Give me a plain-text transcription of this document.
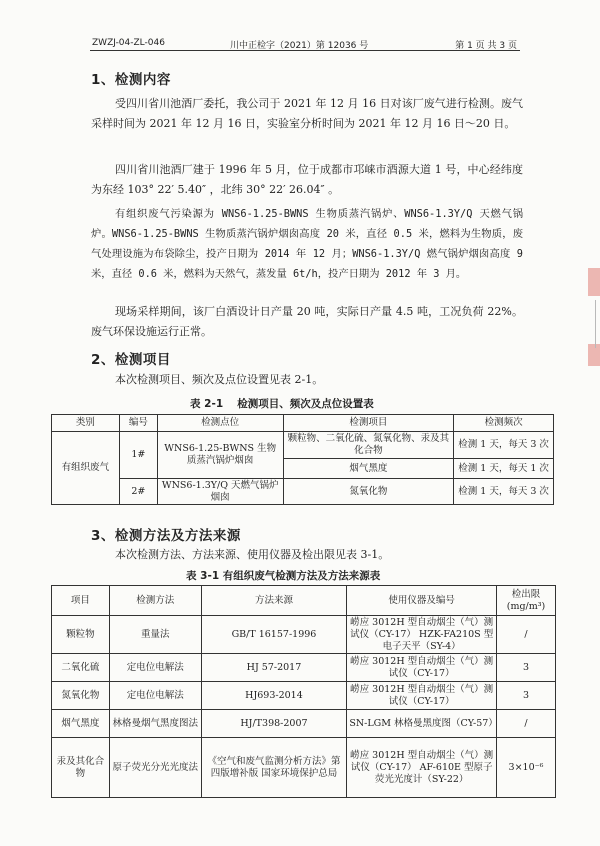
ZWZJ-04-ZL-046	川中正检字（2021）第 12036 号	第 1 页 共 3 页
1、检测内容
受四川省川池酒厂委托，我公司于 2021 年 12 月 16 日对该厂废气进行检测。废气采样时间为 2021 年 12 月 16 日，实验室分析时间为 2021 年 12 月 16 日～20 日。
四川省川池酒厂建于 1996 年 5 月，位于成都市邛崃市酒源大道 1 号，中心经纬度为东经 103° 22′ 5.40″ ，北纬 30° 22′ 26.04″ 。
有组织废气污染源为 WNS6-1.25-BWNS 生物质蒸汽锅炉、WNS6-1.3Y/Q 天燃气锅炉。WNS6-1.25-BWNS 生物质蒸汽锅炉烟囱高度 20 米，直径 0.5 米，燃料为生物质，废气处理设施为布袋除尘，投产日期为 2014 年 12 月；WNS6-1.3Y/Q 燃气锅炉烟囱高度 9 米，直径 0.6 米，燃料为天然气，蒸发量 6t/h，投产日期为 2012 年 3 月。
现场采样期间，该厂白酒设计日产量 20 吨，实际日产量 4.5 吨，工况负荷 22%。废气环保设施运行正常。
2、检测项目
本次检测项目、频次及点位设置见表 2-1。
表 2-1　 检测项目、频次及点位设置表
类别	编号	检测点位	检测项目	检测频次
有组织废气	1#	WNS6-1.25-BWNS 生物质蒸汽锅炉烟囱	颗粒物、二氧化硫、氮氧化物、汞及其化合物	检测 1 天，每天 3 次
			烟气黑度	检测 1 天，每天 1 次
	2#	WNS6-1.3Y/Q 天燃气锅炉烟囱	氮氧化物	检测 1 天，每天 3 次
3、检测方法及方法来源
本次检测方法、方法来源、使用仪器及检出限见表 3-1。
表 3-1 有组织废气检测方法及方法来源表
项目	检测方法	方法来源	使用仪器及编号	检出限 (mg/m³)
颗粒物	重量法	GB/T 16157-1996	崂应 3012H 型自动烟尘（气）测试仪（CY-17） HZK-FA210S 型电子天平（SY-4）	/
二氧化硫	定电位电解法	HJ 57-2017	崂应 3012H 型自动烟尘（气）测试仪（CY-17）	3
氮氧化物	定电位电解法	HJ693-2014	崂应 3012H 型自动烟尘（气）测试仪（CY-17）	3
烟气黑度	林格曼烟气黑度图法	HJ/T398-2007	SN-LGM 林格曼黑度图（CY-57）	/
汞及其化合物	原子荧光分光光度法	《空气和废气监测分析方法》第四版增补版 国家环境保护总局	崂应 3012H 型自动烟尘（气）测试仪（CY-17） AF-610E 型原子荧光光度计（SY-22）	3×10⁻⁶
